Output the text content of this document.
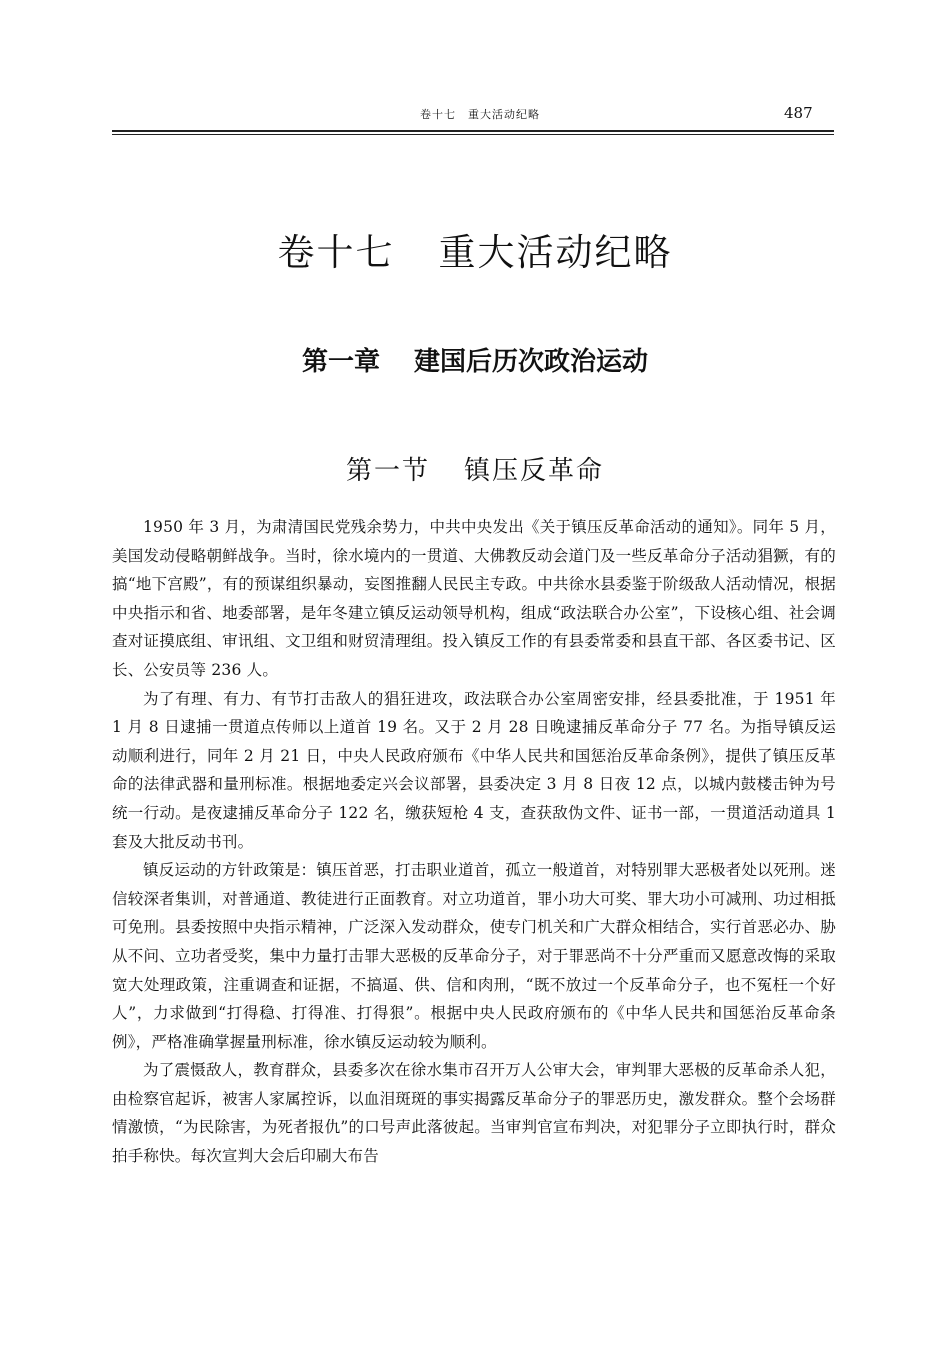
卷十七　重大活动纪略	487
卷十七 重大活动纪略
第一章 建国后历次政治运动
第一节 镇压反革命

1950 年 3 月，为肃清国民党残余势力，中共中央发出《关于镇压反革命活动的通知》。同年 5 月，美国发动侵略朝鲜战争。当时，徐水境内的一贯道、大佛教反动会道门及一些反革命分子活动猖獗，有的搞“地下宫殿”，有的预谋组织暴动，妄图推翻人民民主专政。中共徐水县委鉴于阶级敌人活动情况，根据中央指示和省、地委部署，是年冬建立镇反运动领导机构，组成“政法联合办公室”，下设核心组、社会调查对证摸底组、审讯组、文卫组和财贸清理组。投入镇反工作的有县委常委和县直干部、各区委书记、区长、公安员等 236 人。

为了有理、有力、有节打击敌人的猖狂进攻，政法联合办公室周密安排，经县委批准，于 1951 年 1 月 8 日逮捕一贯道点传师以上道首 19 名。又于 2 月 28 日晚逮捕反革命分子 77 名。为指导镇反运动顺利进行，同年 2 月 21 日，中央人民政府颁布《中华人民共和国惩治反革命条例》，提供了镇压反革命的法律武器和量刑标准。根据地委定兴会议部署，县委决定 3 月 8 日夜 12 点，以城内鼓楼击钟为号统一行动。是夜逮捕反革命分子 122 名，缴获短枪 4 支，查获敌伪文件、证书一部，一贯道活动道具 1 套及大批反动书刊。

镇反运动的方针政策是：镇压首恶，打击职业道首，孤立一般道首，对特别罪大恶极者处以死刑。迷信较深者集训，对普通道、教徒进行正面教育。对立功道首，罪小功大可奖、罪大功小可减刑、功过相抵可免刑。县委按照中央指示精神，广泛深入发动群众，使专门机关和广大群众相结合，实行首恶必办、胁从不问、立功者受奖，集中力量打击罪大恶极的反革命分子，对于罪恶尚不十分严重而又愿意改悔的采取宽大处理政策，注重调查和证据，不搞逼、供、信和肉刑，“既不放过一个反革命分子，也不冤枉一个好人”，力求做到“打得稳、打得准、打得狠”。根据中央人民政府颁布的《中华人民共和国惩治反革命条例》，严格准确掌握量刑标准，徐水镇反运动较为顺利。

为了震慑敌人，教育群众，县委多次在徐水集市召开万人公审大会，审判罪大恶极的反革命杀人犯，由检察官起诉，被害人家属控诉，以血泪斑斑的事实揭露反革命分子的罪恶历史，激发群众。整个会场群情激愤，“为民除害，为死者报仇”的口号声此落彼起。当审判官宣布判决，对犯罪分子立即执行时，群众拍手称快。每次宣判大会后印刷大布告
